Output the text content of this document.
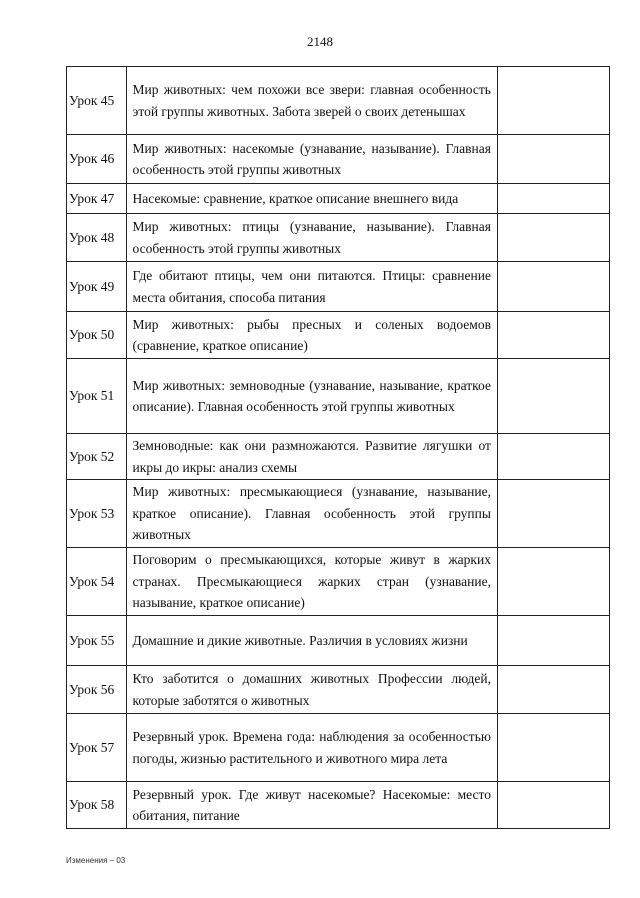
2148
Урок 45	Мир животных: чем похожи все звери: главная особенность этой группы животных. Забота зверей о своих детенышах	
Урок 46	Мир животных: насекомые (узнавание, называние). Главная особенность этой группы животных	
Урок 47	Насекомые: сравнение, краткое описание внешнего вида	
Урок 48	Мир животных: птицы (узнавание, называние). Главная особенность этой группы животных	
Урок 49	Где обитают птицы, чем они питаются. Птицы: сравнение места обитания, способа питания	
Урок 50	Мир животных: рыбы пресных и соленых водоемов (сравнение, краткое описание)	
Урок 51	Мир животных: земноводные (узнавание, называние, краткое описание). Главная особенность этой группы животных	
Урок 52	Земноводные: как они размножаются. Развитие лягушки от икры до икры: анализ схемы	
Урок 53	Мир животных: пресмыкающиеся (узнавание, называние, краткое описание). Главная особенность этой группы животных	
Урок 54	Поговорим о пресмыкающихся, которые живут в жарких странах. Пресмыкающиеся жарких стран (узнавание, называние, краткое описание)	
Урок 55	Домашние и дикие животные. Различия в условиях жизни	
Урок 56	Кто заботится о домашних животных Профессии людей, которые заботятся о животных	
Урок 57	Резервный урок. Времена года: наблюдения за особенностью погоды, жизнью растительного и животного мира лета	
Урок 58	Резервный урок. Где живут насекомые? Насекомые: место обитания, питание	
Изменения – 03
